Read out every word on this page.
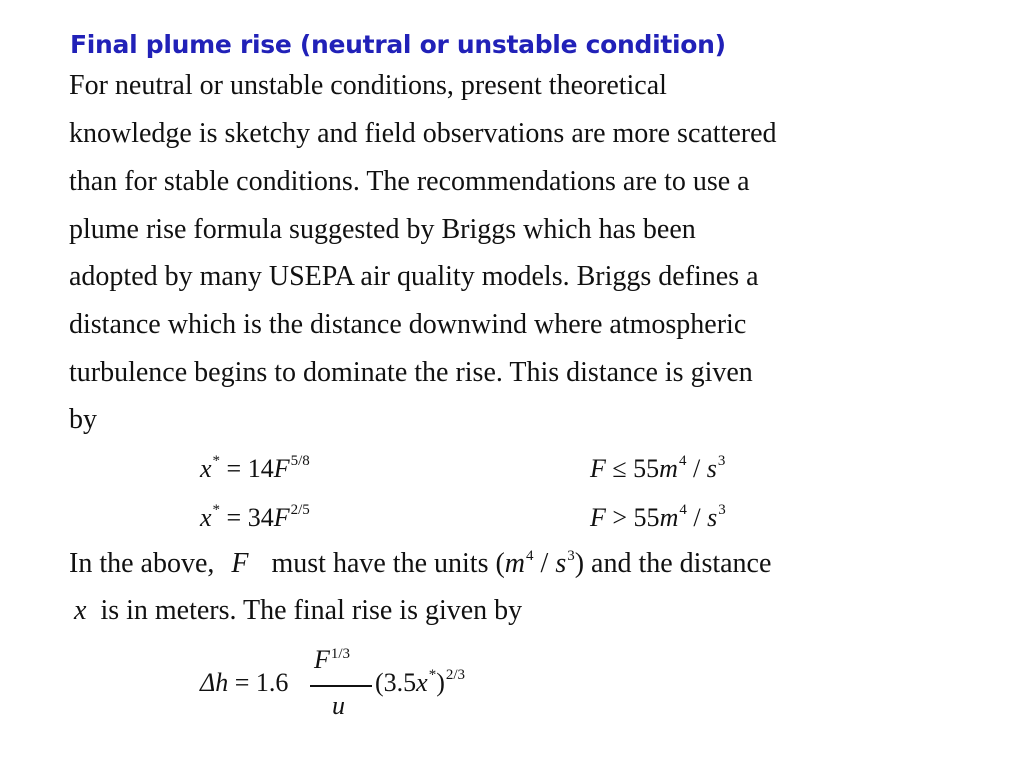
Final plume rise (neutral or unstable condition)
For neutral or unstable conditions, present theoretical
knowledge is sketchy and field observations are more scattered
than for stable conditions. The recommendations are to use a
plume rise formula suggested by Briggs which has been
adopted by many USEPA air quality models. Briggs defines a
distance which is the distance downwind where atmospheric
turbulence begins to dominate the rise. This distance is given
by
$x^* = 14F^{5/8}$	$F \le 55m^4 / s^3$
$x^* = 34F^{2/5}$	$F > 55m^4 / s^3$
In the above, F must have the units $(m^4 / s^3)$ and the distance
x is in meters. The final rise is given by
Δh = 1.6
$F^{1/3}$
u
$(3.5x^*)^{2/3}$
